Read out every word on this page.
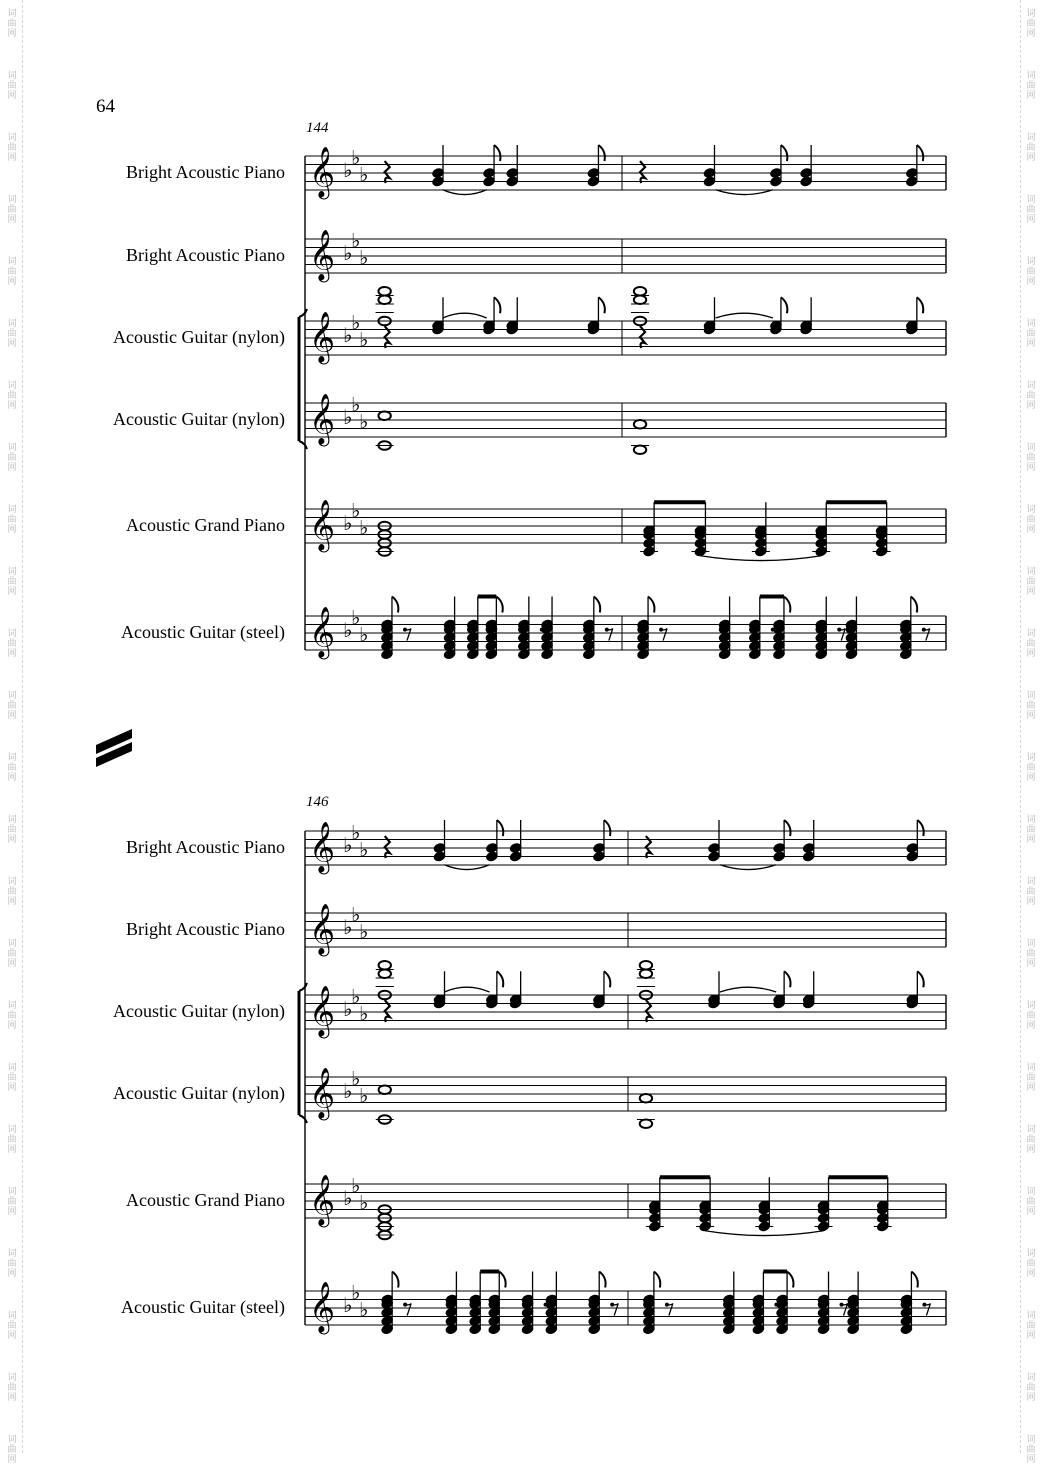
词
曲
网
词
曲
网
词
曲
网
词
曲
网
词
曲
网
词
曲
网
词
曲
网
词
曲
网
词
曲
网
词
曲
网
词
曲
网
词
曲
网
词
曲
网
词
曲
网
词
曲
网
词
曲
网
词
曲
网
词
曲
网
词
曲
网
词
曲
网
词
曲
网
词
曲
网
词
曲
网
词
曲
网
词
曲
网
词
曲
网
词
曲
网
词
曲
网
词
曲
网
词
曲
网
词
曲
网
词
曲
网
词
曲
网
词
曲
网
词
曲
网
词
曲
网
词
曲
网
词
曲
网
词
曲
网
词
曲
网
词
曲
网
词
曲
网
词
曲
网
词
曲
网
词
曲
网
词
曲
网
词
曲
网
词
曲
网
64
144
146
Bright Acoustic Piano
Bright Acoustic Piano
Acoustic Guitar (nylon)
Acoustic Guitar (nylon)
Acoustic Grand Piano
Acoustic Guitar (steel)
Bright Acoustic Piano
Bright Acoustic Piano
Acoustic Guitar (nylon)
Acoustic Guitar (nylon)
Acoustic Grand Piano
Acoustic Guitar (steel)
𝄞 ♭
♭
♭
𝄞 ♭
♭
♭
𝄞 ♭
♭
♭
𝄞 ♭
♭
♭
𝄞 ♭
♭
♭
𝄞 ♭
♭
♭
𝄞 ♭
♭
♭
𝄞 ♭
♭
♭
𝄞 ♭
♭
♭
𝄞 ♭
♭
♭
𝄞 ♭
♭
♭
𝄞 ♭
♭
♭
